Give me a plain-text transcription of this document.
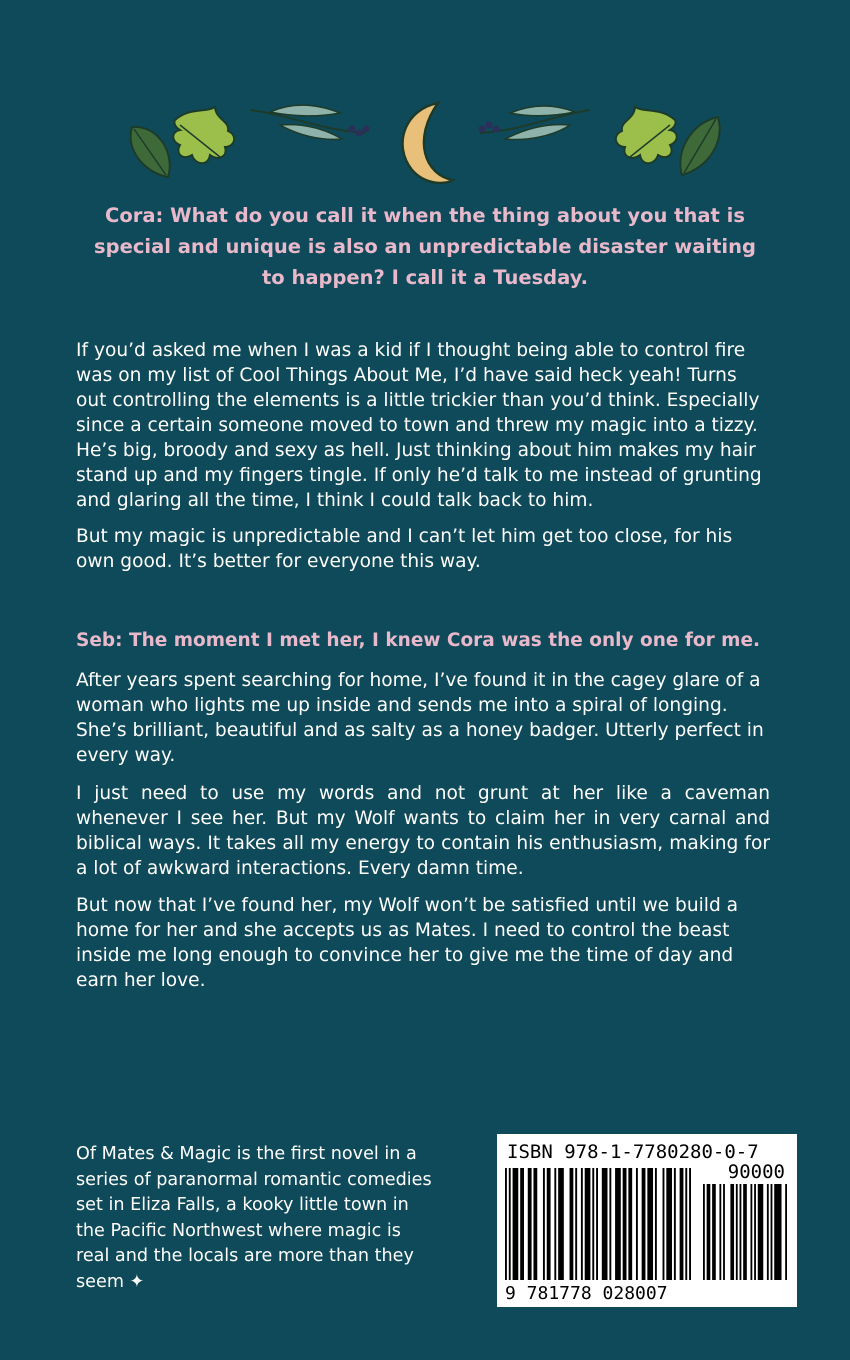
Cora: What do you call it when the thing about you that is special and unique is also an unpredictable disaster waiting to happen? I call it a Tuesday.

If you’d asked me when I was a kid if I thought being able to control fire was on my list of Cool Things About Me, I’d have said heck yeah! Turns out controlling the elements is a little trickier than you’d think. Especially since a certain someone moved to town and threw my magic into a tizzy. He’s big, broody and sexy as hell. Just thinking about him makes my hair stand up and my fingers tingle. If only he’d talk to me instead of grunting and glaring all the time, I think I could talk back to him.

But my magic is unpredictable and I can’t let him get too close, for his own good. It’s better for everyone this way.

Seb: The moment I met her, I knew Cora was the only one for me.

After years spent searching for home, I’ve found it in the cagey glare of a woman who lights me up inside and sends me into a spiral of longing. She’s brilliant, beautiful and as salty as a honey badger. Utterly perfect in every way.

I just need to use my words and not grunt at her like a caveman whenever I see her. But my Wolf wants to claim her in very carnal and biblical ways. It takes all my energy to contain his enthusiasm, making for a lot of awkward interactions. Every damn time.

But now that I’ve found her, my Wolf won’t be satisfied until we build a home for her and she accepts us as Mates. I need to control the beast inside me long enough to convince her to give me the time of day and earn her love.

Of Mates & Magic is the first novel in a series of paranormal romantic comedies set in Eliza Falls, a kooky little town in the Pacific Northwest where magic is real and the locals are more than they seem ✦
ISBN 978-1-7780280-0-7
90000
9 781778 028007
